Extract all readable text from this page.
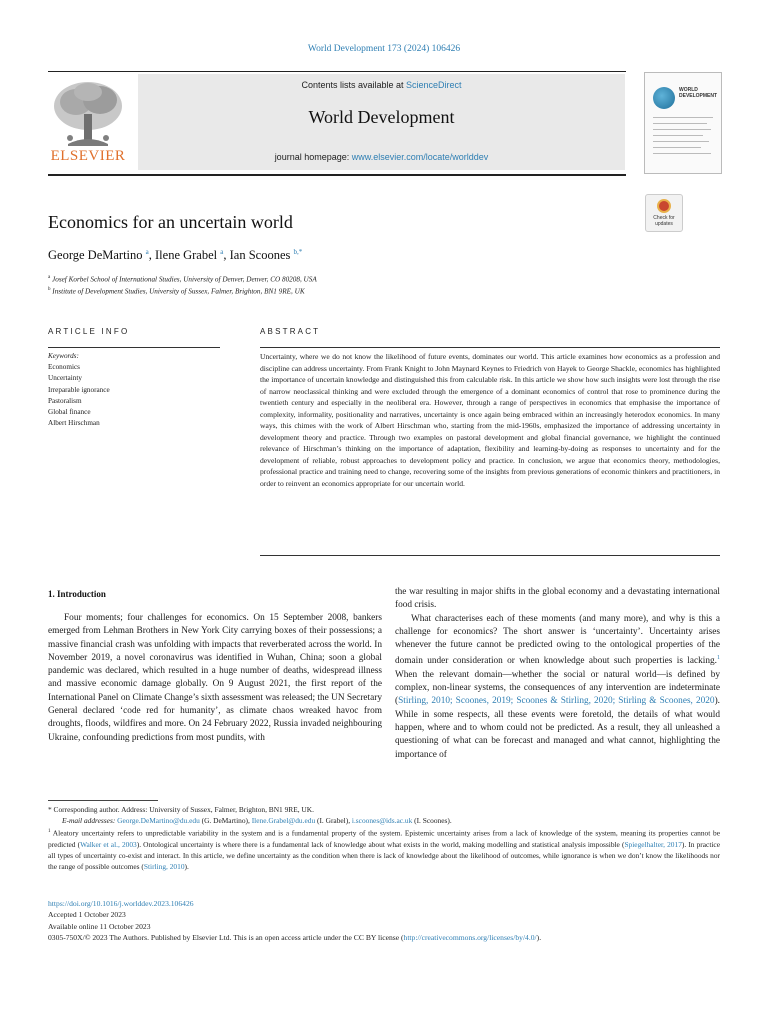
World Development 173 (2024) 106426
ELSEVIER
Contents lists available at ScienceDirect
World Development
journal homepage: www.elsevier.com/locate/worlddev
WORLD DEVELOPMENT
Economics for an uncertain world	Check for updates
George DeMartino $^a$, Ilene Grabel $^a$, Ian Scoones $^{b,*}$
$^a$ Josef Korbel School of International Studies, University of Denver, Denver, CO 80208, USA
$^b$ Institute of Development Studies, University of Sussex, Falmer, Brighton, BN1 9RE, UK
ARTICLE INFO	ABSTRACT
Keywords:
Economics
Uncertainty
Irreparable ignorance
Pastoralism
Global finance
Albert Hirschman

Uncertainty, where we do not know the likelihood of future events, dominates our world. This article examines how economics as a profession and discipline can address uncertainty. From Frank Knight to John Maynard Keynes to Friedrich von Hayek to George Shackle, economics has highlighted the importance of uncertain knowledge and distinguished this from calculable risk. In this article we show how such insights were lost through the rise of narrow neoclassical thinking and were excluded through the emergence of a dominant economics of control that rose to prominence during the twentieth century and especially in the neoliberal era. However, through a range of perspectives in economics that emphasise the importance of complexity, informality, positionality and narratives, uncertainty is once again being embraced within an increasingly heterodox economics. In many ways, this chimes with the work of Albert Hirschman who, starting from the mid-1960s, emphasized the importance of addressing uncertainty in development theory and practice. Through two examples on pastoral development and global financial governance, we highlight the continued relevance of Hirschman’s thinking on the importance of adaptation, flexibility and learning-by-doing as responses to uncertainty and for the development of reliable, robust approaches to development policy and practice. In conclusion, we argue that economics theory, methodologies, professional practice and training need to change, recovering some of the insights from previous generations of economic thinkers and practitioners, in order to reinvent an economics appropriate for our uncertain world.

1. Introduction

Four moments; four challenges for economics. On 15 September 2008, bankers emerged from Lehman Brothers in New York City carrying boxes of their possessions; a massive financial crash was unfolding with impacts that reverberated across the world. In November 2019, a novel coronavirus was identified in Wuhan, China; soon a global pandemic was declared, which resulted in a huge number of deaths, widespread illness and massive economic damage globally. On 9 August 2021, the first report of the International Panel on Climate Change’s sixth assessment was released; the UN Secretary General declared ‘code red for humanity’, as climate chaos wreaked havoc from droughts, floods, wildfires and more. On 24 February 2022, Russia invaded neighbouring Ukraine, confounding predictions from most pundits, with

the war resulting in major shifts in the global economy and a devastating international food crisis.

What characterises each of these moments (and many more), and why is this a challenge for economics? The short answer is ‘uncertainty’. Uncertainty arises whenever the future cannot be predicted owing to the ontological properties of the domain under consideration or when knowledge about such properties is lacking.$^1$ When the relevant domain—whether the social or natural world—is defined by complex, non-linear systems, the consequences of any intervention are indeterminate (Stirling, 2010; Scoones, 2019; Scoones & Stirling, 2020; Stirling & Scoones, 2020). While in some respects, all these events were foretold, the details of what would happen, where and to whom could not be predicted. As a result, they all unleashed a questioning of what can be forecast and managed and what cannot, highlighting the importance of

* Corresponding author. Address: University of Sussex, Falmer, Brighton, BN1 9RE, UK.

E-mail addresses: George.DeMartino@du.edu (G. DeMartino), Ilene.Grabel@du.edu (I. Grabel), i.scoones@ids.ac.uk (I. Scoones).

$^1$ Aleatory uncertainty refers to unpredictable variability in the system and is a fundamental property of the system. Epistemic uncertainty arises from a lack of knowledge of the system, meaning its properties cannot be predicted (Walker et al., 2003). Ontological uncertainty is where there is a fundamental lack of knowledge about what exists in the world, making modelling and statistical analysis impossible (Spiegelhalter, 2017). In practice all types of uncertainty co-exist and interact. In this article, we define uncertainty as the condition when there is lack of knowledge about the likelihood of outcomes, while ignorance is when we don’t know the likelihoods nor the range of possible outcomes (Stirling, 2010).

https://doi.org/10.1016/j.worlddev.2023.106426

Accepted 1 October 2023

Available online 11 October 2023

0305-750X/© 2023 The Authors. Published by Elsevier Ltd. This is an open access article under the CC BY license (http://creativecommons.org/licenses/by/4.0/).
